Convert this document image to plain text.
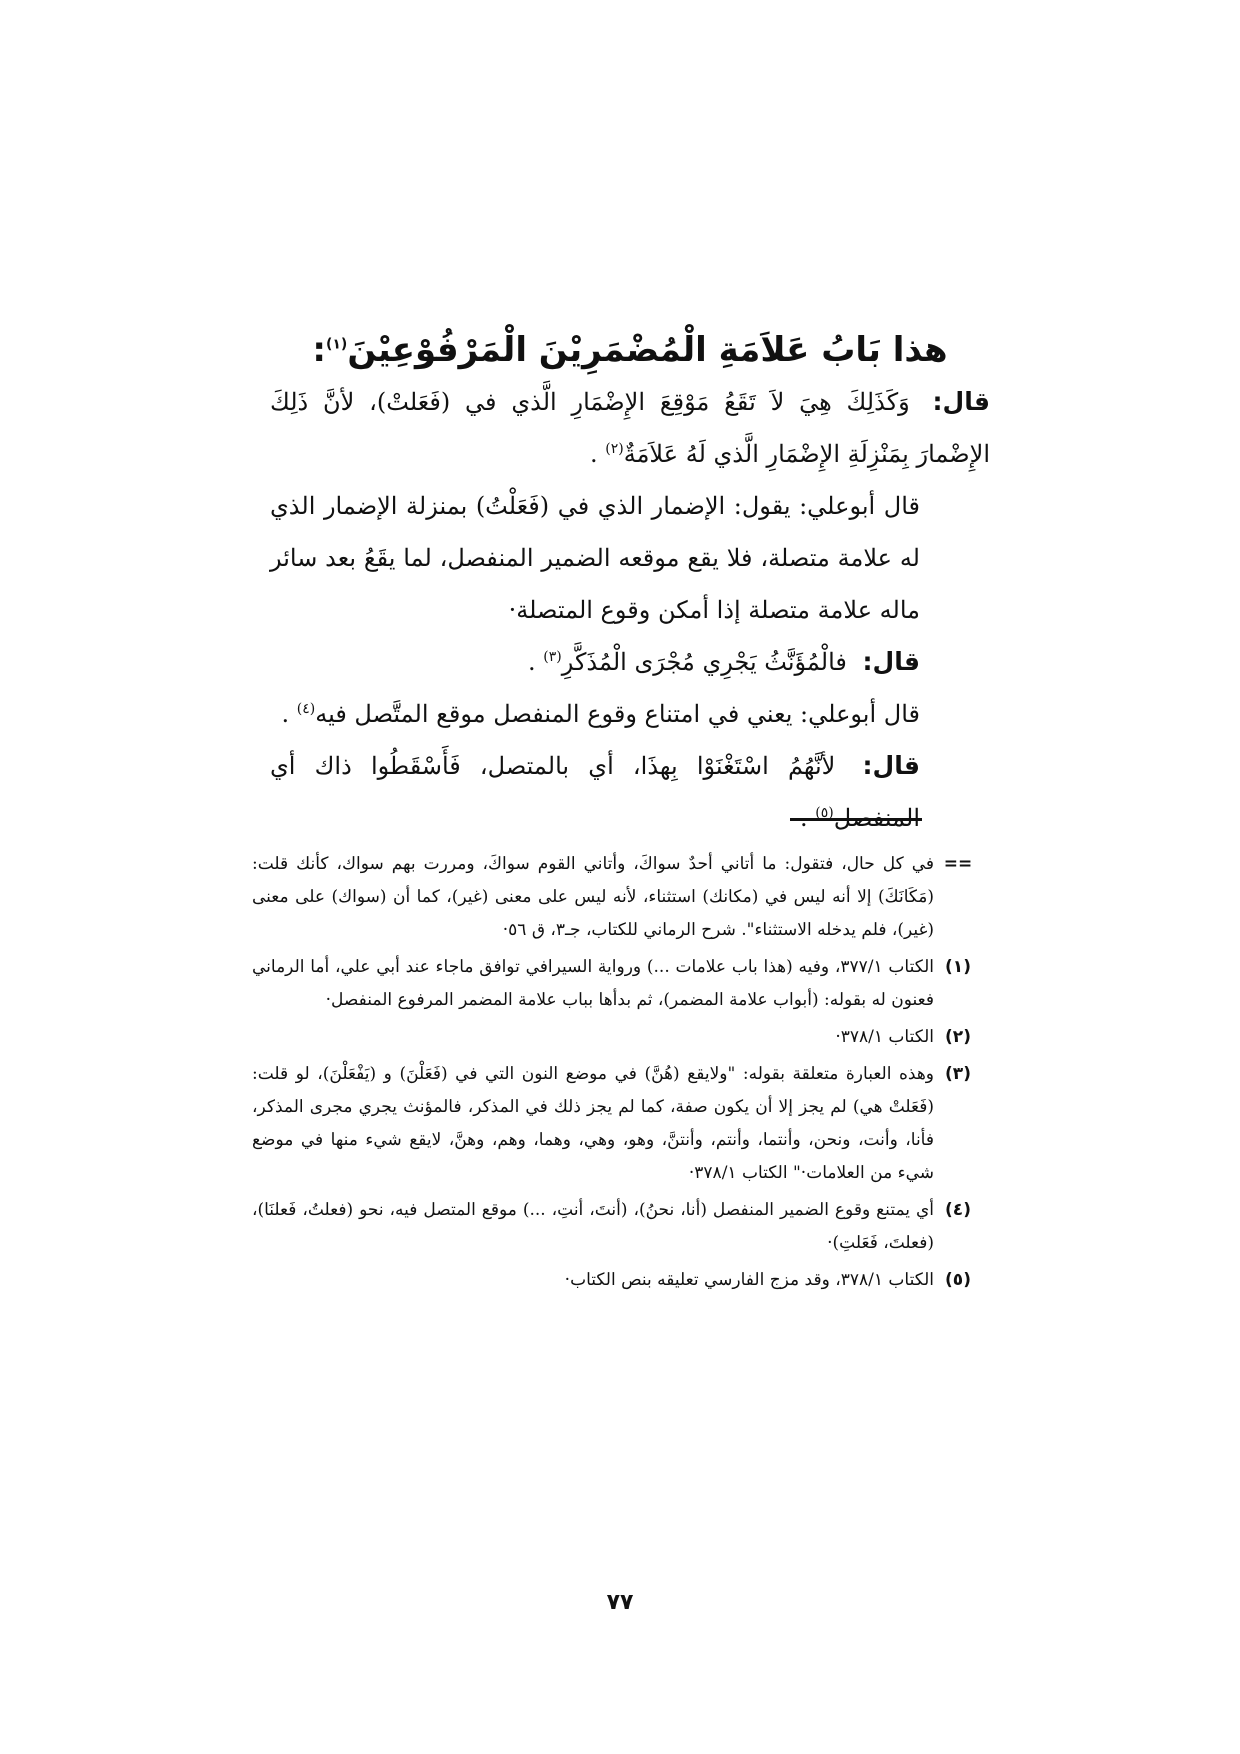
هذا بَابُ عَلاَمَةِ الْمُضْمَرِيْنَ الْمَرْفُوْعِيْنَ$^{(١)}$:

قال: وَكَذَلِكَ هِيَ لاَ تَقَعُ مَوْقِعَ الإِضْمَارِ الَّذي في (فَعَلتْ)، لأنَّ ذَلِكَ الإِضْمارَ بِمَنْزِلَةِ الإِضْمَارِ الَّذي لَهُ عَلاَمَةٌ$^{(٢)}$ .

قال أبوعلي: يقول: الإضمار الذي في (فَعَلْتُ) بمنزلة الإضمار الذي له علامة متصلة، فلا يقع موقعه الضمير المنفصل، لما يقَعُ بعد سائر ماله علامة متصلة إذا أمكن وقوع المتصلة·

قال: فالْمُؤَنَّثُ يَجْرِي مُجْرَى الْمُذَكَّرِ$^{(٣)}$ .

قال أبوعلي: يعني في امتناع وقوع المنفصل موقع المتَّصل فيه$^{(٤)}$ .

قال: لأنَّهُمُ اسْتَغْنَوْا بِهذَا، أي بالمتصل، فَأَسْقَطُوا ذاك أي المنفصل$^{(٥)}$ .

==
في كل حال، فتقول: ما أتاني أحدٌ سواكَ، وأتاني القوم سواكَ، ومررت بهم سواك، كأنك قلت: (مَكَانَكَ) إلا أنه ليس في (مكانك) استثناء، لأنه ليس على معنى (غير)، كما أن (سواك) على معنى (غير)، فلم يدخله الاستثناء". شرح الرماني للكتاب، جـ٣، ق ٥٦·
(١)
الكتاب ٣٧٧/١، وفيه (هذا باب علامات ...) ورواية السيرافي توافق ماجاء عند أبي علي، أما الرماني فعنون له بقوله: (أبواب علامة المضمر)، ثم بدأها بباب علامة المضمر المرفوع المنفصل·
(٢)
الكتاب ٣٧٨/١·
(٣)
وهذه العبارة متعلقة بقوله: "ولايقع (هُنَّ) في موضع النون التي في (فَعَلْنَ) و (يَفْعَلْنَ)، لو قلت: (فَعَلتْ هي) لم يجز إلا أن يكون صفة، كما لم يجز ذلك في المذكر، فالمؤنث يجري مجرى المذكر، فأنا، وأنت، ونحن، وأنتما، وأنتم، وأنتنَّ، وهو، وهي، وهما، وهم، وهنَّ، لايقع شيء منها في موضع شيء من العلامات·" الكتاب ٣٧٨/١·
(٤)
أي يمتنع وقوع الضمير المنفصل (أنا، نحنُ)، (أنتَ، أنتِ، ...) موقع المتصل فيه، نحو (فعلتُ، فَعلنَا)، (فعلتَ، فَعَلتِ)·
(٥)
الكتاب ٣٧٨/١، وقد مزج الفارسي تعليقه بنص الكتاب·
٧٧
